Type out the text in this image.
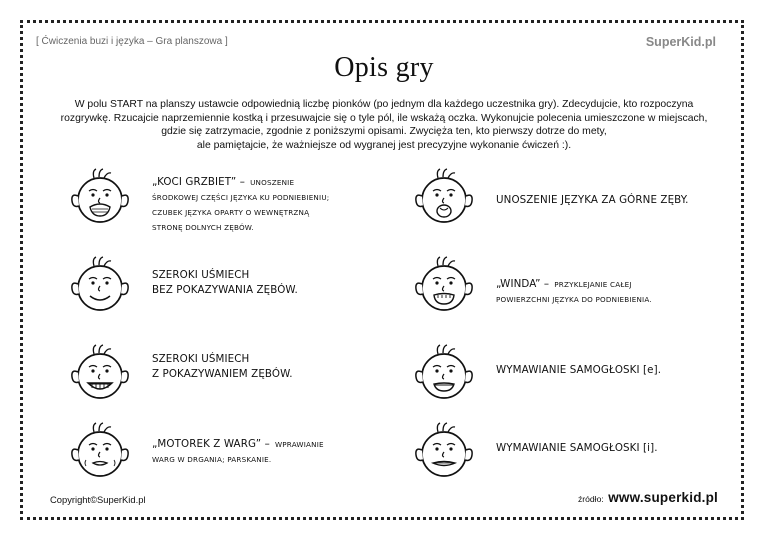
[ Ćwiczenia buzi i języka – Gra planszowa ]	SuperKid.pl
Opis gry
W polu START na planszy ustawcie odpowiednią liczbę pionków (po jednym dla każdego uczestnika gry). Zdecydujcie, kto rozpoczyna
rozgrywkę. Rzucajcie naprzemiennie kostką i przesuwajcie się o tyle pól, ile wskażą oczka. Wykonujcie polecenia umieszczone w miejscach,
gdzie się zatrzymacie, zgodnie z poniższymi opisami. Zwycięża ten, kto pierwszy dotrze do mety,
ale pamiętajcie, że ważniejsze od wygranej jest precyzyjne wykonanie ćwiczeń :).
„KOCI GRZBIET” – UNOSZENIE
ŚRODKOWEJ CZĘŚCI JĘZYKA KU PODNIEBIENIU;
CZUBEK JĘZYKA OPARTY O WEWNĘTRZNĄ
STRONĘ DOLNYCH ZĘBÓW.
UNOSZENIE JĘZYKA ZA GÓRNE ZĘBY.
SZEROKI UŚMIECH
BEZ POKAZYWANIA ZĘBÓW.	„WINDA” – PRZYKLEJANIE CAŁEJ
POWIERZCHNI JĘZYKA DO PODNIEBIENIA.
SZEROKI UŚMIECH
Z POKAZYWANIEM ZĘBÓW.	WYMAWIANIE SAMOGŁOSKI [e].
„MOTOREK Z WARG” – WPRAWIANIE
WARG W DRGANIA; PARSKANIE.
WYMAWIANIE SAMOGŁOSKI [i].
Copyright©SuperKid.pl	źródło: www.superkid.pl
